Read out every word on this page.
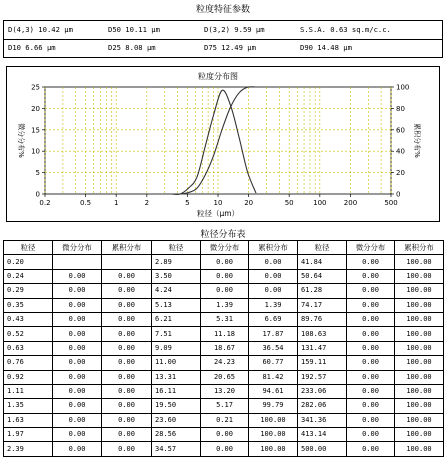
粒度特征参数
D(4,3) 10.42 μm	D50 10.11 μm	D(3,2) 9.59 μm	S.S.A. 0.63 sq.m/c.c.
D10 6.66 μm	D25 8.08 μm	D75 12.49 μm	D90 14.48 μm
粒度分布图
0.2	0.5	1	2	5	10	20	50	100 200	500
0
5
10
15
20
25
0
20
40
60
80
100
粒径（μm）
微分分布%	累积分布%
粒径分布表
粒径	微分分布	累积分布	粒径	微分分布	累积分布	粒径	微分分布	累积分布
0.20			2.89	0.00	0.00	41.84	0.00	100.00
0.24	0.00	0.00	3.50	0.00	0.00	50.64	0.00	100.00
0.29	0.00	0.00	4.24	0.00	0.00	61.28	0.00	100.00
0.35	0.00	0.00	5.13	1.39	1.39	74.17	0.00	100.00
0.43	0.00	0.00	6.21	5.31	6.69	89.76	0.00	100.00
0.52	0.00	0.00	7.51	11.18	17.87	108.63	0.00	100.00
0.63	0.00	0.00	9.09	18.67	36.54	131.47	0.00	100.00
0.76	0.00	0.00	11.00	24.23	60.77	159.11	0.00	100.00
0.92	0.00	0.00	13.31	20.65	81.42	192.57	0.00	100.00
1.11	0.00	0.00	16.11	13.20	94.61	233.06	0.00	100.00
1.35	0.00	0.00	19.50	5.17	99.79	282.06	0.00	100.00
1.63	0.00	0.00	23.60	0.21	100.00	341.36	0.00	100.00
1.97	0.00	0.00	28.56	0.00	100.00	413.14	0.00	100.00
2.39	0.00	0.00	34.57	0.00	100.00	500.00	0.00	100.00
